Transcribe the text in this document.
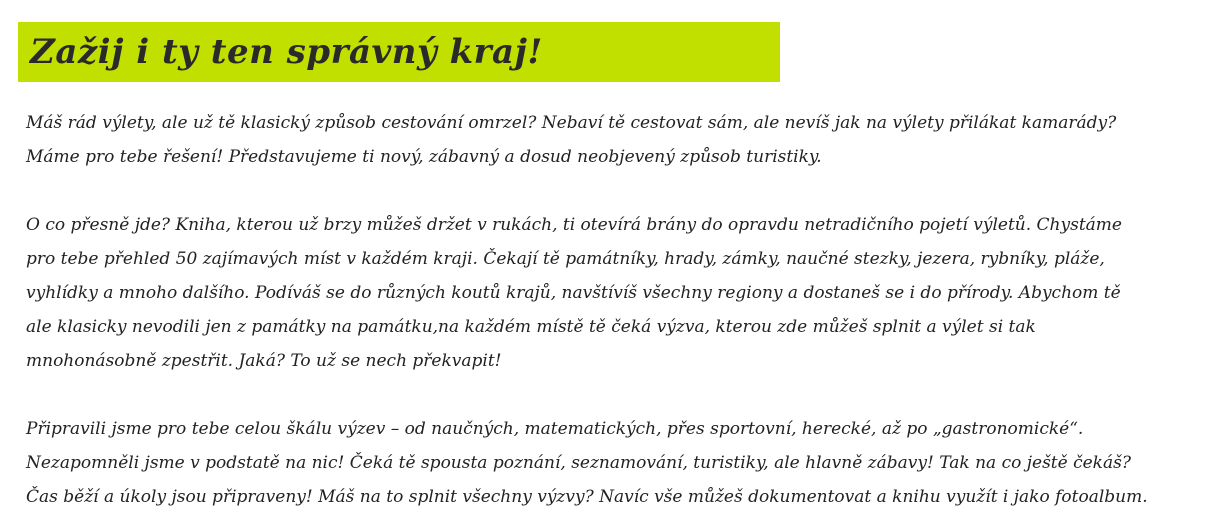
Zažij i ty ten správný kraj!

Máš rád výlety, ale už tě klasický způsob cestování omrzel? Nebaví tě cestovat sám, ale nevíš jak na výlety přilákat kamarády?
Máme pro tebe řešení! Představujeme ti nový, zábavný a dosud neobjevený způsob turistiky.

O co přesně jde? Kniha, kterou už brzy můžeš držet v rukách, ti otevírá brány do opravdu netradičního pojetí výletů. Chystáme
pro tebe přehled 50 zajímavých míst v každém kraji. Čekají tě památníky, hrady, zámky, naučné stezky, jezera, rybníky, pláže,
vyhlídky a mnoho dalšího. Podíváš se do různých koutů krajů, navštívíš všechny regiony a dostaneš se i do přírody. Abychom tě
ale klasicky nevodili jen z památky na památku,na každém místě tě čeká výzva, kterou zde můžeš splnit a výlet si tak
mnohonásobně zpestřit. Jaká? To už se nech překvapit!

Připravili jsme pro tebe celou škálu výzev – od naučných, matematických, přes sportovní, herecké, až po „gastronomické“.
Nezapomněli jsme v podstatě na nic! Čeká tě spousta poznání, seznamování, turistiky, ale hlavně zábavy! Tak na co ještě čekáš?
Čas běží a úkoly jsou připraveny! Máš na to splnit všechny výzvy? Navíc vše můžeš dokumentovat a knihu využít i jako fotoalbum.
